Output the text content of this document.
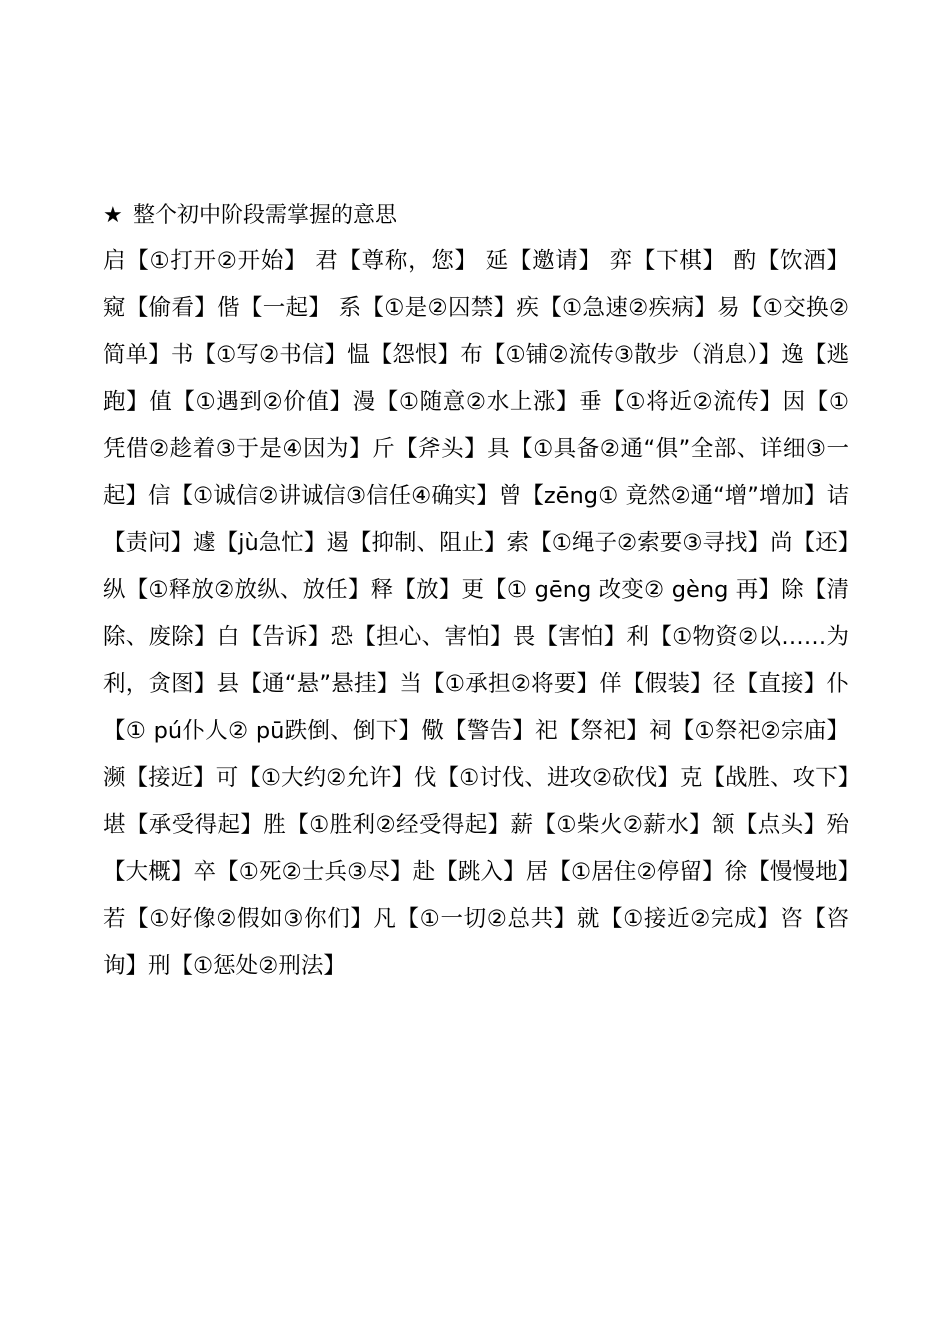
★ 整个初中阶段需掌握的意思
启【①打开②开始】 君【尊称，您】 延【邀请】 弈【下棋】 酌【饮酒】 窥【偷看】偕【一起】 系【①是②囚禁】疾【①急速②疾病】易【①交换②简单】书【①写②书信】愠【怨恨】布【①铺②流传③散步（消息）】逸【逃跑】值【①遇到②价值】漫【①随意②水上涨】垂【①将近②流传】因【①凭借②趁着③于是④因为】斤【斧头】具【①具备②通“俱”全部、详细③一起】信【①诚信②讲诚信③信任④确实】曾【zēng① 竟然②通“增”增加】诘【责问】遽【jù急忙】遏【抑制、阻止】索【①绳子②索要③寻找】尚【还】纵【①释放②放纵、放任】释【放】更【① gēng 改变② gèng 再】除【清除、废除】白【告诉】恐【担心、害怕】畏【害怕】利【①物资②以……为利，贪图】县【通“悬”悬挂】当【①承担②将要】佯【假装】径【直接】仆【① pú仆人② pū跌倒、倒下】儆【警告】祀【祭祀】祠【①祭祀②宗庙】濒【接近】可【①大约②允许】伐【①讨伐、进攻②砍伐】克【战胜、攻下】堪【承受得起】胜【①胜利②经受得起】薪【①柴火②薪水】颔【点头】殆【大概】卒【①死②士兵③尽】赴【跳入】居【①居住②停留】徐【慢慢地】若【①好像②假如③你们】凡【①一切②总共】就【①接近②完成】咨【咨询】刑【①惩处②刑法】
